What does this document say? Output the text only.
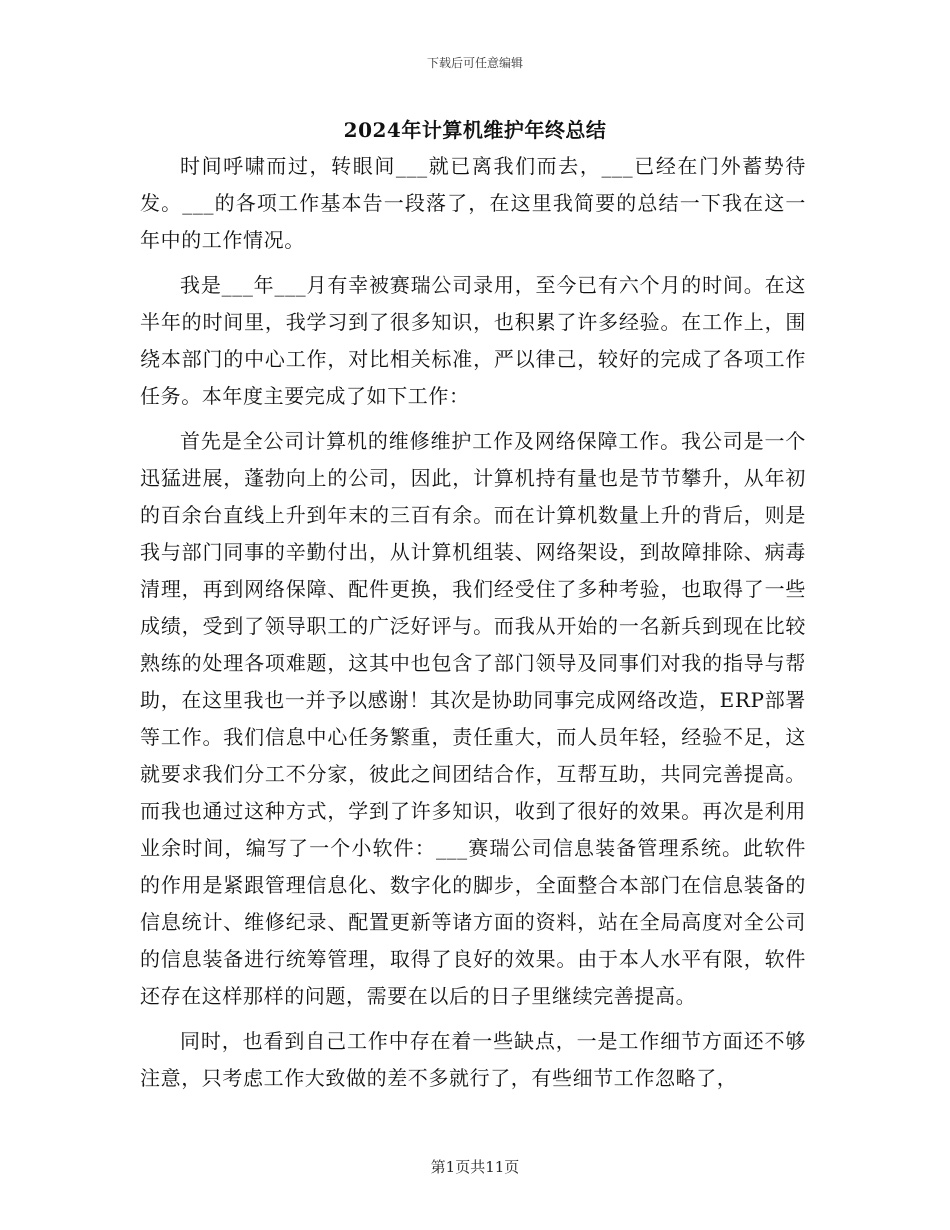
下载后可任意编辑
2024年计算机维护年终总结

时间呼啸而过，转眼间___就已离我们而去，___已经在门外蓄势待发。___的各项工作基本告一段落了，在这里我简要的总结一下我在这一年中的工作情况。

我是___年___月有幸被赛瑞公司录用，至今已有六个月的时间。在这半年的时间里，我学习到了很多知识，也积累了许多经验。在工作上，围绕本部门的中心工作，对比相关标准，严以律己，较好的完成了各项工作任务。本年度主要完成了如下工作：

首先是全公司计算机的维修维护工作及网络保障工作。我公司是一个迅猛进展，蓬勃向上的公司，因此，计算机持有量也是节节攀升，从年初的百余台直线上升到年末的三百有余。而在计算机数量上升的背后，则是我与部门同事的辛勤付出，从计算机组装、网络架设，到故障排除、病毒清理，再到网络保障、配件更换，我们经受住了多种考验，也取得了一些成绩，受到了领导职工的广泛好评与。而我从开始的一名新兵到现在比较熟练的处理各项难题，这其中也包含了部门领导及同事们对我的指导与帮助，在这里我也一并予以感谢！其次是协助同事完成网络改造，ERP部署等工作。我们信息中心任务繁重，责任重大，而人员年轻，经验不足，这就要求我们分工不分家，彼此之间团结合作，互帮互助，共同完善提高。而我也通过这种方式，学到了许多知识，收到了很好的效果。再次是利用业余时间，编写了一个小软件：___赛瑞公司信息装备管理系统。此软件的作用是紧跟管理信息化、数字化的脚步，全面整合本部门在信息装备的信息统计、维修纪录、配置更新等诸方面的资料，站在全局高度对全公司的信息装备进行统筹管理，取得了良好的效果。由于本人水平有限，软件还存在这样那样的问题，需要在以后的日子里继续完善提高。

同时，也看到自己工作中存在着一些缺点，一是工作细节方面还不够注意，只考虑工作大致做的差不多就行了，有些细节工作忽略了，

第1页共11页
